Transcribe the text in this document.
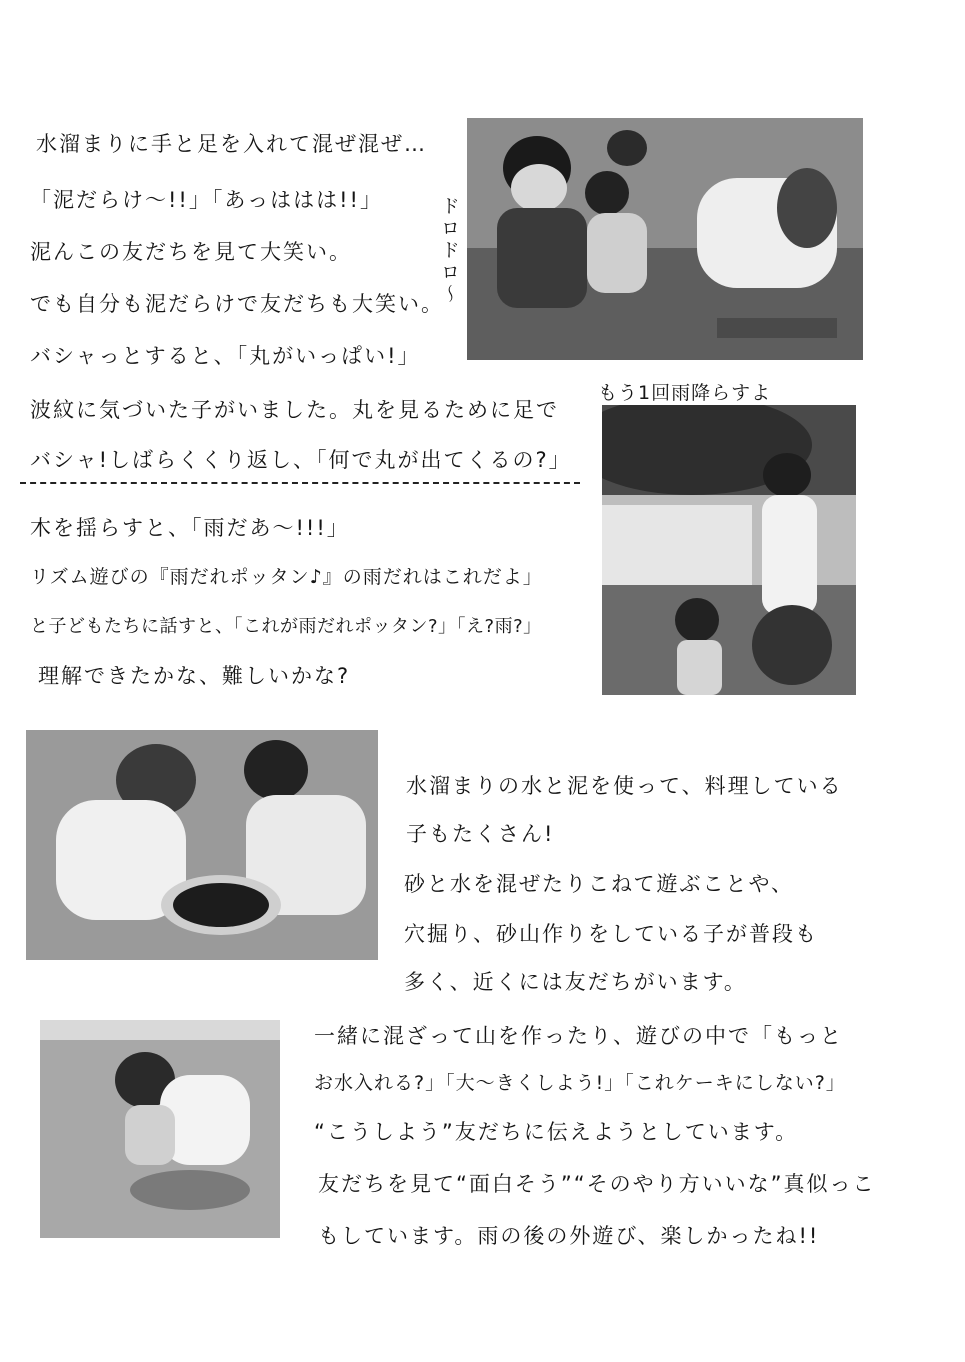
水溜まりに手と足を入れて混ぜ混ぜ…
「泥だらけ～!!」「あっははは!!」
泥んこの友だちを見て大笑い。
でも自分も泥だらけで友だちも大笑い。
バシャっとすると、「丸がいっぱい!」
波紋に気づいた子がいました。丸を見るために足で
バシャ!しばらくくり返し、「何で丸が出てくるの?」
ドロドロ～
もう1回雨降らすよ
木を揺らすと、「雨だあ～!!!」
リズム遊びの『雨だれポッタン♪』の雨だれはこれだよ」
と子どもたちに話すと、「これが雨だれポッタン?」「え?雨?」
理解できたかな、難しいかな?
水溜まりの水と泥を使って、料理している
子もたくさん!
砂と水を混ぜたりこねて遊ぶことや、
穴掘り、砂山作りをしている子が普段も
多く、近くには友だちがいます。
一緒に混ざって山を作ったり、遊びの中で「もっと
お水入れる?」「大～きくしよう!」「これケーキにしない?」
“こうしよう”友だちに伝えようとしています。
友だちを見て“面白そう”“そのやり方いいな”真似っこ
もしています。雨の後の外遊び、楽しかったね!!
